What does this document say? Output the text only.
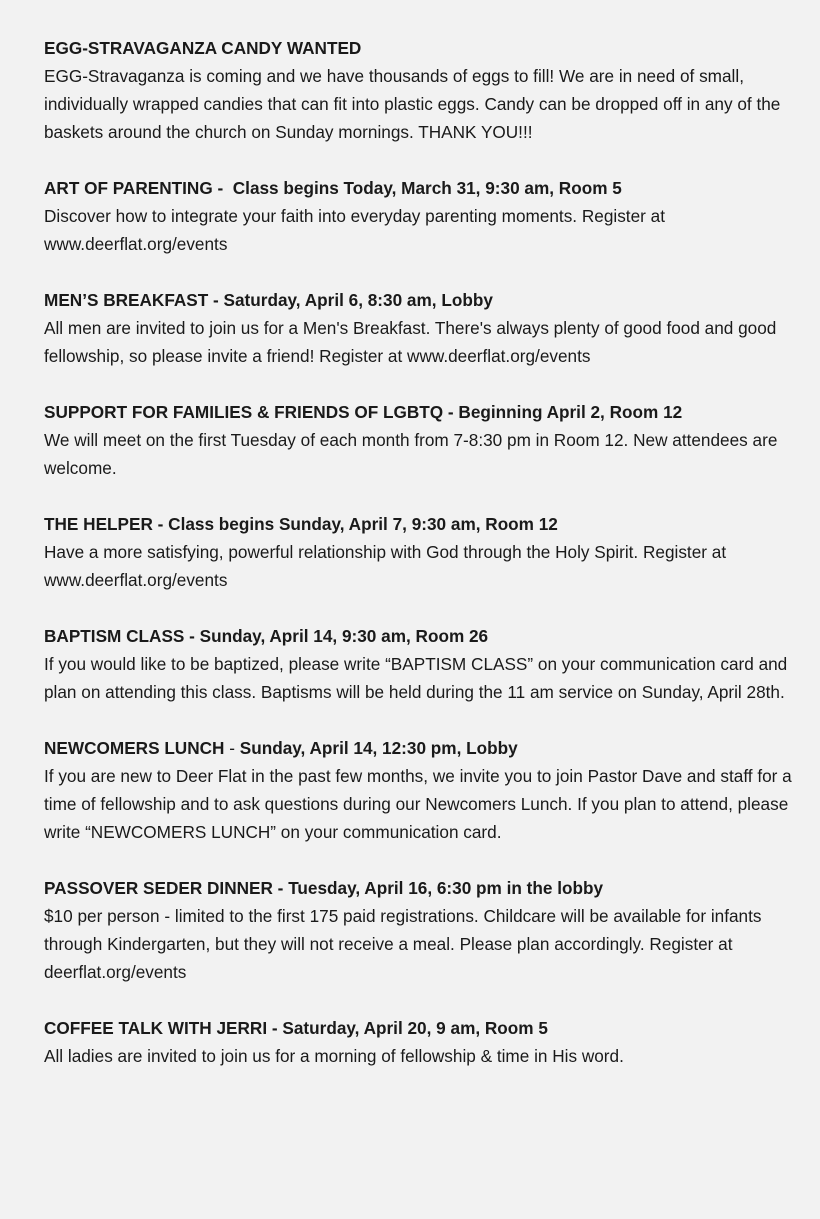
EGG-STRAVAGANZA CANDY WANTED
EGG-Stravaganza is coming and we have thousands of eggs to fill! We are in need of small, individually wrapped candies that can fit into plastic eggs. Candy can be dropped off in any of the baskets around the church on Sunday mornings. THANK YOU!!!
ART OF PARENTING -  Class begins Today, March 31, 9:30 am, Room 5
Discover how to integrate your faith into everyday parenting moments. Register at www.deerflat.org/events
MEN’S BREAKFAST - Saturday, April 6, 8:30 am, Lobby
All men are invited to join us for a Men's Breakfast. There's always plenty of good food and good fellowship, so please invite a friend! Register at www.deerflat.org/events
SUPPORT FOR FAMILIES & FRIENDS OF LGBTQ - Beginning April 2, Room 12
We will meet on the first Tuesday of each month from 7-8:30 pm in Room 12. New attendees are welcome.
THE HELPER - Class begins Sunday, April 7, 9:30 am, Room 12
Have a more satisfying, powerful relationship with God through the Holy Spirit. Register at www.deerflat.org/events
BAPTISM CLASS - Sunday, April 14, 9:30 am, Room 26
If you would like to be baptized, please write “BAPTISM CLASS” on your communication card and plan on attending this class. Baptisms will be held during the 11 am service on Sunday, April 28th.
NEWCOMERS LUNCH - Sunday, April 14, 12:30 pm, Lobby
If you are new to Deer Flat in the past few months, we invite you to join Pastor Dave and staff for a time of fellowship and to ask questions during our Newcomers Lunch. If you plan to attend, please write “NEWCOMERS LUNCH” on your communication card.
PASSOVER SEDER DINNER - Tuesday, April 16, 6:30 pm in the lobby
$10 per person - limited to the first 175 paid registrations. Childcare will be available for infants through Kindergarten, but they will not receive a meal. Please plan accordingly. Register at deerflat.org/events
COFFEE TALK WITH JERRI - Saturday, April 20, 9 am, Room 5
All ladies are invited to join us for a morning of fellowship & time in His word.
